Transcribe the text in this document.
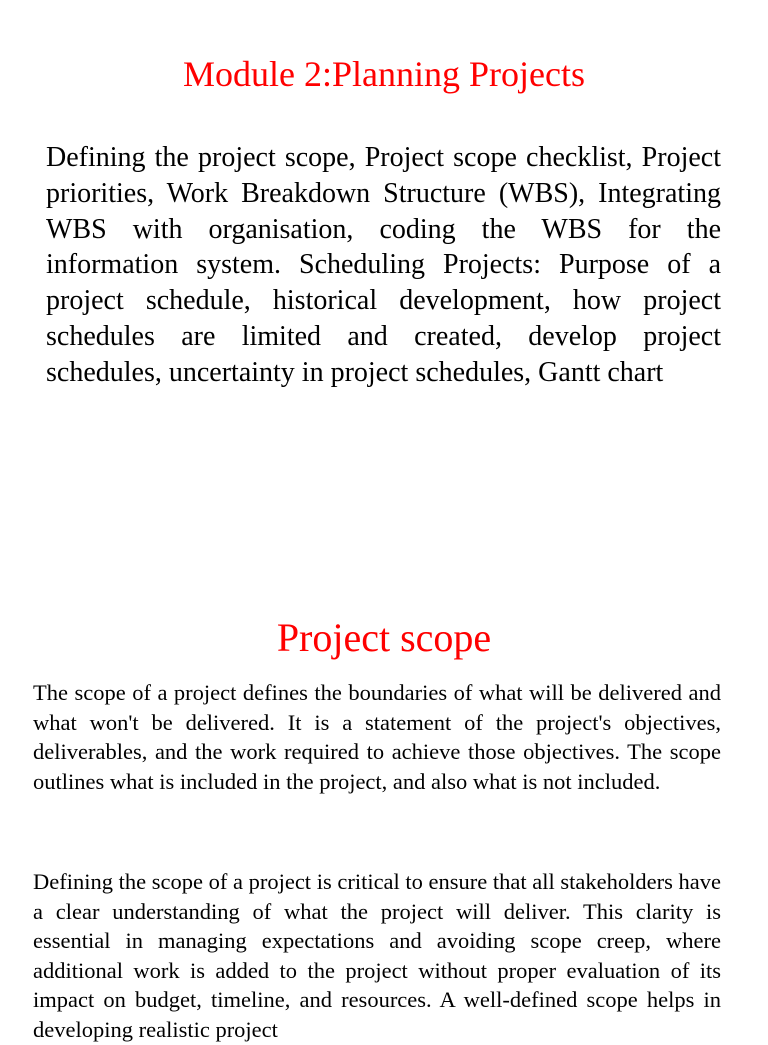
Module 2:Planning Projects

Defining the project scope, Project scope checklist, Project priorities, Work Breakdown Structure (WBS), Integrating WBS with organisation, coding the WBS for the information system. Scheduling Projects: Purpose of a project schedule, historical development, how project schedules are limited and created, develop project schedules, uncertainty in project schedules, Gantt chart

Project scope

The scope of a project defines the boundaries of what will be delivered and what won't be delivered. It is a statement of the project's objectives, deliverables, and the work required to achieve those objectives. The scope outlines what is included in the project, and also what is not included.

Defining the scope of a project is critical to ensure that all stakeholders have a clear understanding of what the project will deliver. This clarity is essential in managing expectations and avoiding scope creep, where additional work is added to the project without proper evaluation of its impact on budget, timeline, and resources. A well-defined scope helps in developing realistic project
